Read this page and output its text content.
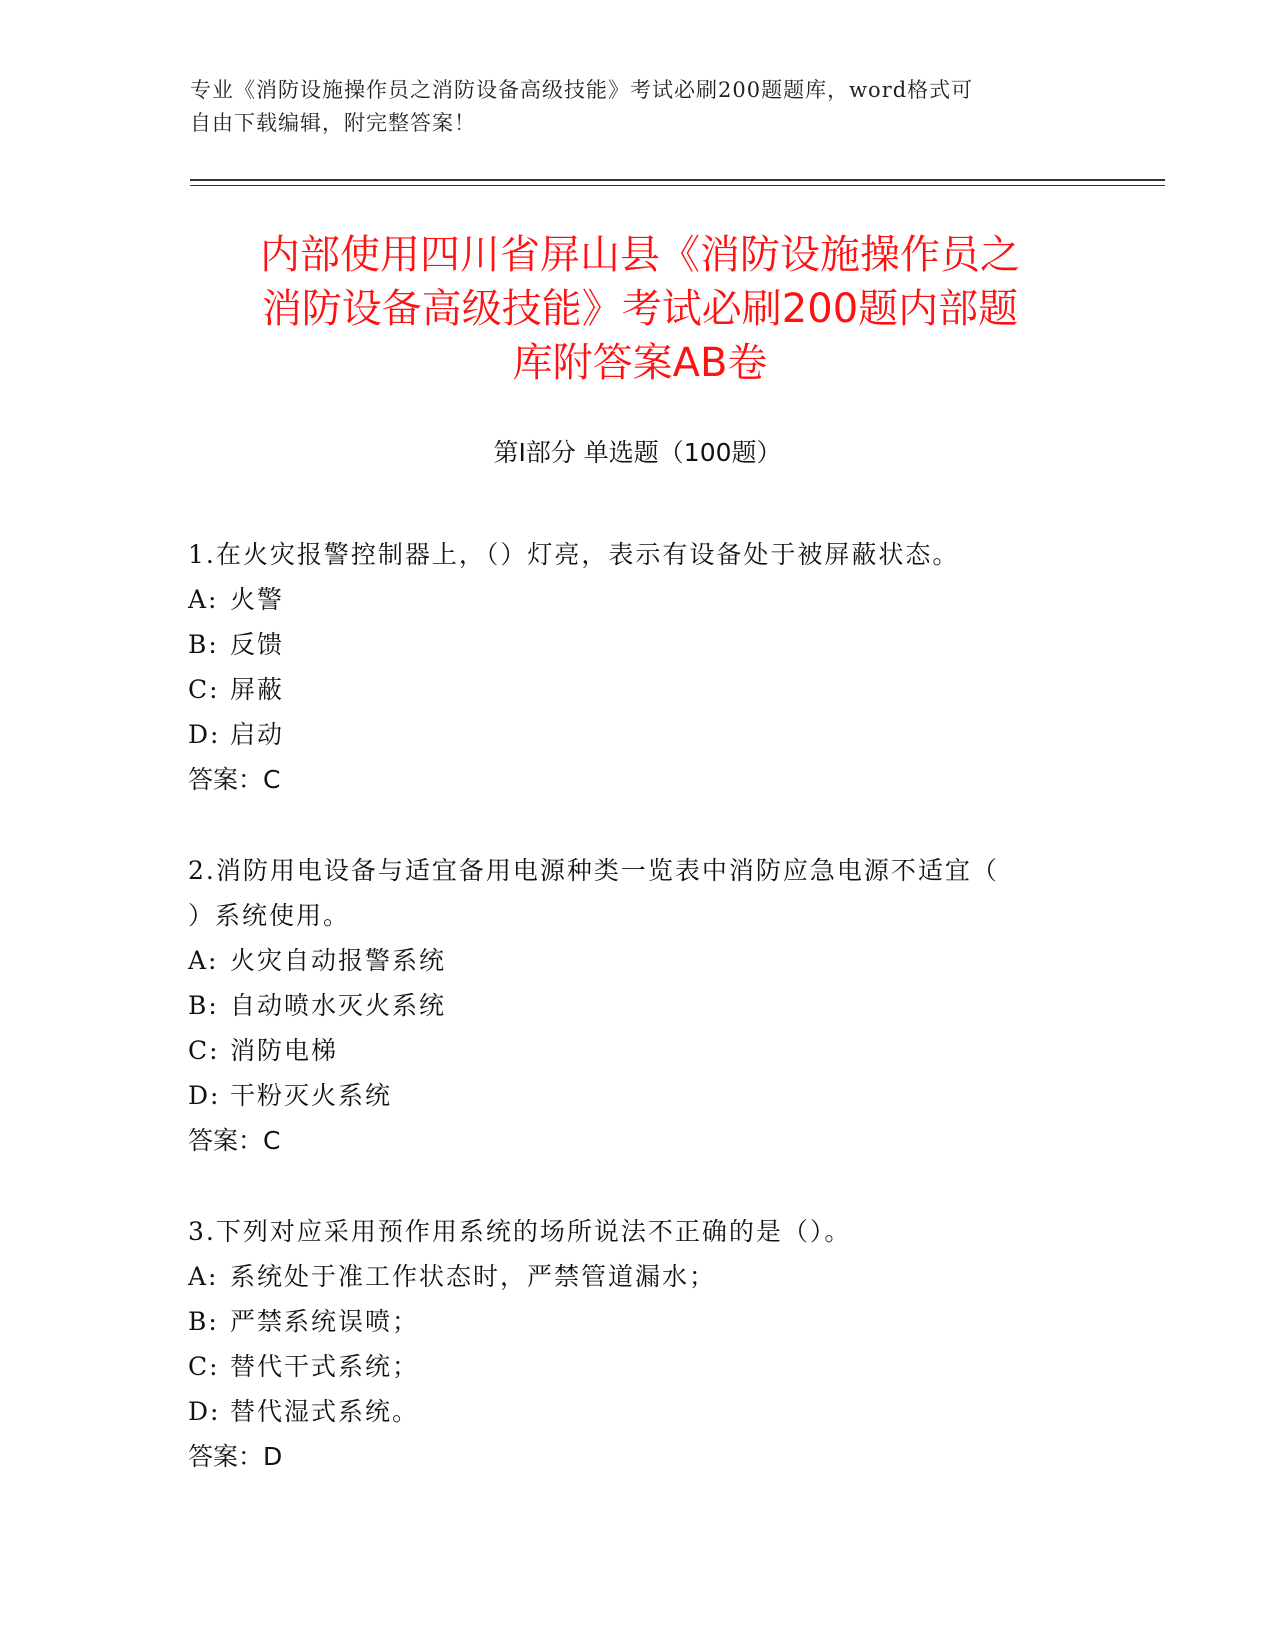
专业《消防设施操作员之消防设备高级技能》考试必刷200题题库，word格式可
自由下载编辑，附完整答案！
内部使用四川省屏山县《消防设施操作员之
消防设备高级技能》考试必刷200题内部题
库附答案AB卷
第Ⅰ部分 单选题（100题）
1.在火灾报警控制器上，（）灯亮，表示有设备处于被屏蔽状态。
A: 火警
B: 反馈
C: 屏蔽
D: 启动
答案：C
2.消防用电设备与适宜备用电源种类一览表中消防应急电源不适宜（
）系统使用。
A: 火灾自动报警系统
B: 自动喷水灭火系统
C: 消防电梯
D: 干粉灭火系统
答案：C
3.下列对应采用预作用系统的场所说法不正确的是（）。
A: 系统处于准工作状态时，严禁管道漏水；
B: 严禁系统误喷；
C: 替代干式系统；
D: 替代湿式系统。
答案：D
